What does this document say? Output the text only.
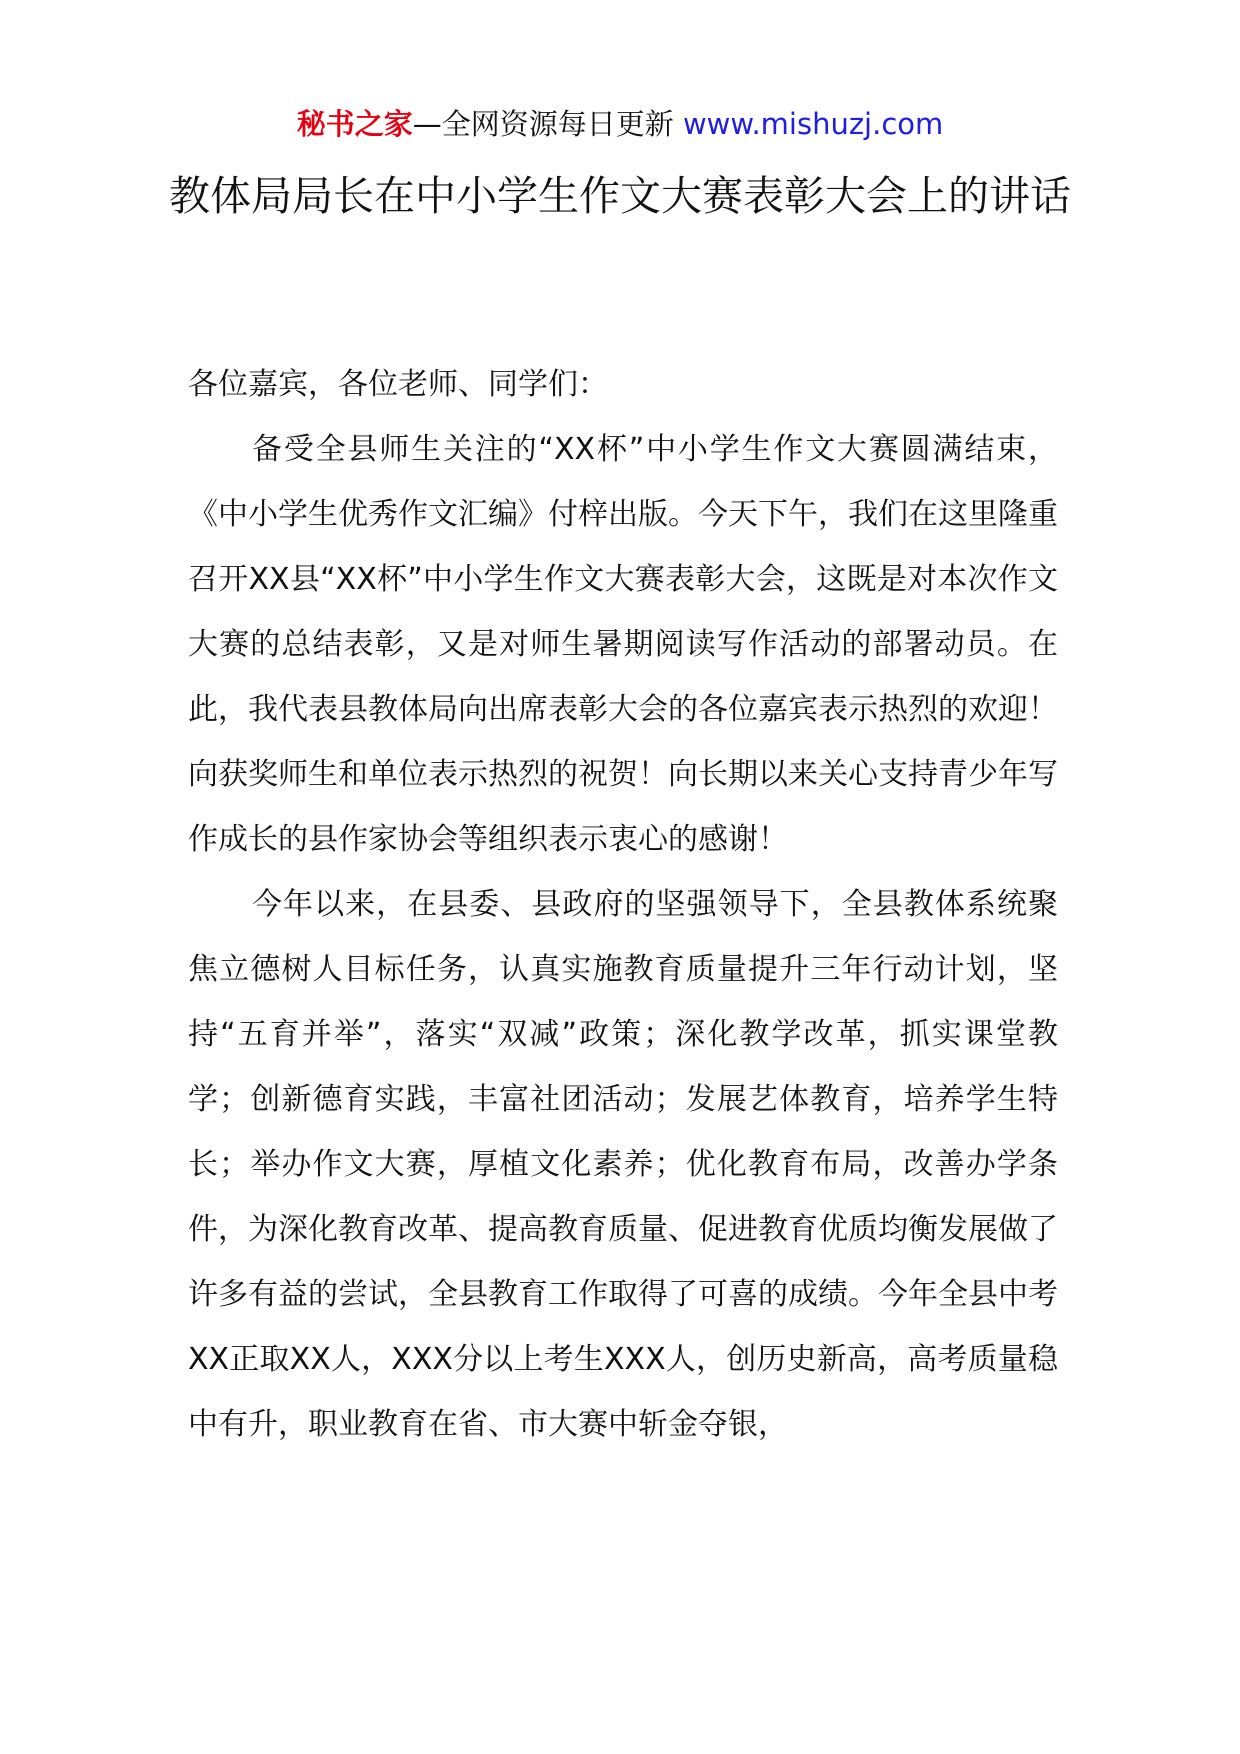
秘书之家—全网资源每日更新 www.mishuzj.com
教体局局长在中小学生作文大赛表彰大会上的讲话

各位嘉宾，各位老师、同学们：

备受全县师生关注的“XX杯”中小学生作文大赛圆满结束，《中小学生优秀作文汇编》付梓出版。今天下午，我们在这里隆重召开XX县“XX杯”中小学生作文大赛表彰大会，这既是对本次作文大赛的总结表彰，又是对师生暑期阅读写作活动的部署动员。在此，我代表县教体局向出席表彰大会的各位嘉宾表示热烈的欢迎！向获奖师生和单位表示热烈的祝贺！向长期以来关心支持青少年写作成长的县作家协会等组织表示衷心的感谢！

今年以来，在县委、县政府的坚强领导下，全县教体系统聚焦立德树人目标任务，认真实施教育质量提升三年行动计划，坚持“五育并举”，落实“双减”政策；深化教学改革，抓实课堂教学；创新德育实践，丰富社团活动；发展艺体教育，培养学生特长；举办作文大赛，厚植文化素养；优化教育布局，改善办学条件，为深化教育改革、提高教育质量、促进教育优质均衡发展做了许多有益的尝试，全县教育工作取得了可喜的成绩。今年全县中考XX正取XX人，XXX分以上考生XXX人，创历史新高，高考质量稳中有升，职业教育在省、市大赛中斩金夺银，
